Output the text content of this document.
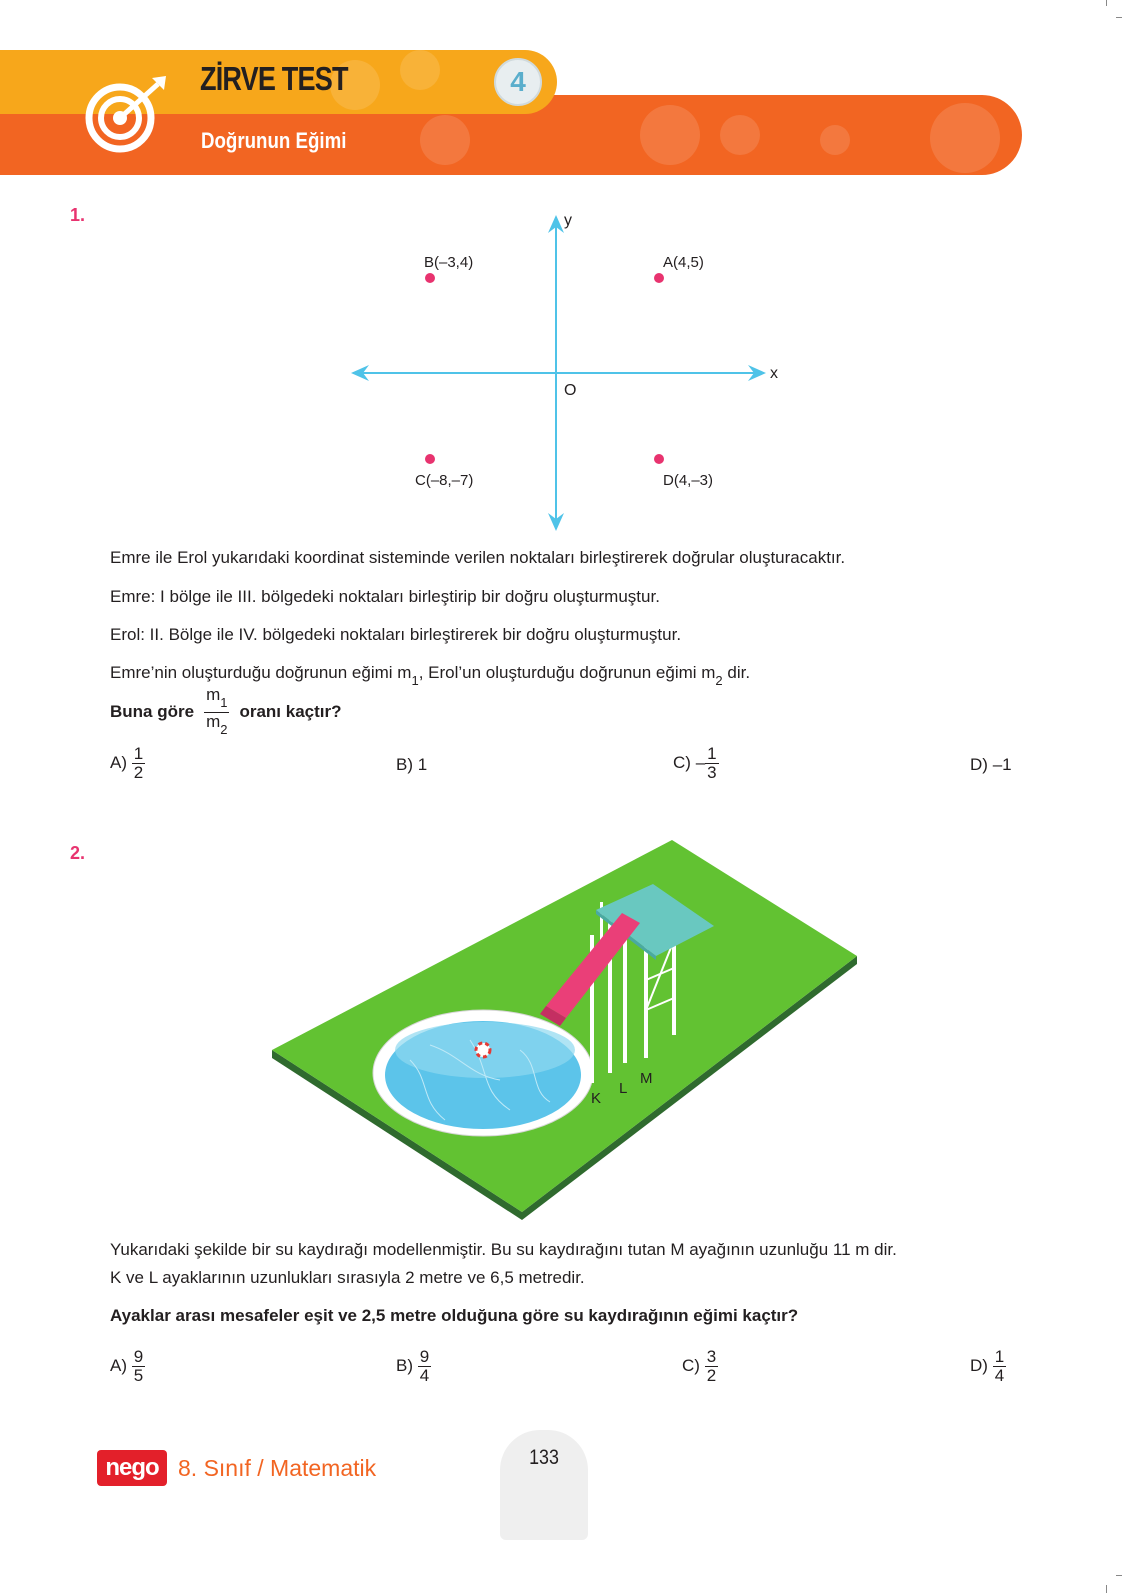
ZİRVE TEST
Doğrunun Eğimi
4
1.	y
x
O
B(–3,4)	A(4,5)
C(–8,–7)	D(4,–3)
Emre ile Erol yukarıdaki koordinat sisteminde verilen noktaları birleştirerek doğrular oluşturacaktır.
Emre: I bölge ile III. bölgedeki noktaları birleştirip bir doğru oluşturmuştur.
Erol: II. Bölge ile IV. bölgedeki noktaları birleştirerek bir doğru oluşturmuştur.
Emre’nin oluşturduğu doğrunun eğimi $m_1$, Erol’un oluşturduğu doğrunun eğimi $m_2$ dir.
Buna göre $\frac{m_1}{m_2}$ oranı kaçtır?
$A) \frac{1}{2}$	B) 1	$C) - \frac{1}{3}$	D) –1
2.
K
L
M
Yukarıdaki şekilde bir su kaydırağı modellenmiştir. Bu su kaydırağını tutan M ayağının uzunluğu 11 m dir.
K ve L ayaklarının uzunlukları sırasıyla 2 metre ve 6,5 metredir.
Ayaklar arası mesafeler eşit ve 2,5 metre olduğuna göre su kaydırağının eğimi kaçtır?
$A) \frac{9}{5}$	$B) \frac{9}{4}$	$C) \frac{3}{2}$	$D) \frac{1}{4}$
nego 8. Sınıf / Matematik	133
